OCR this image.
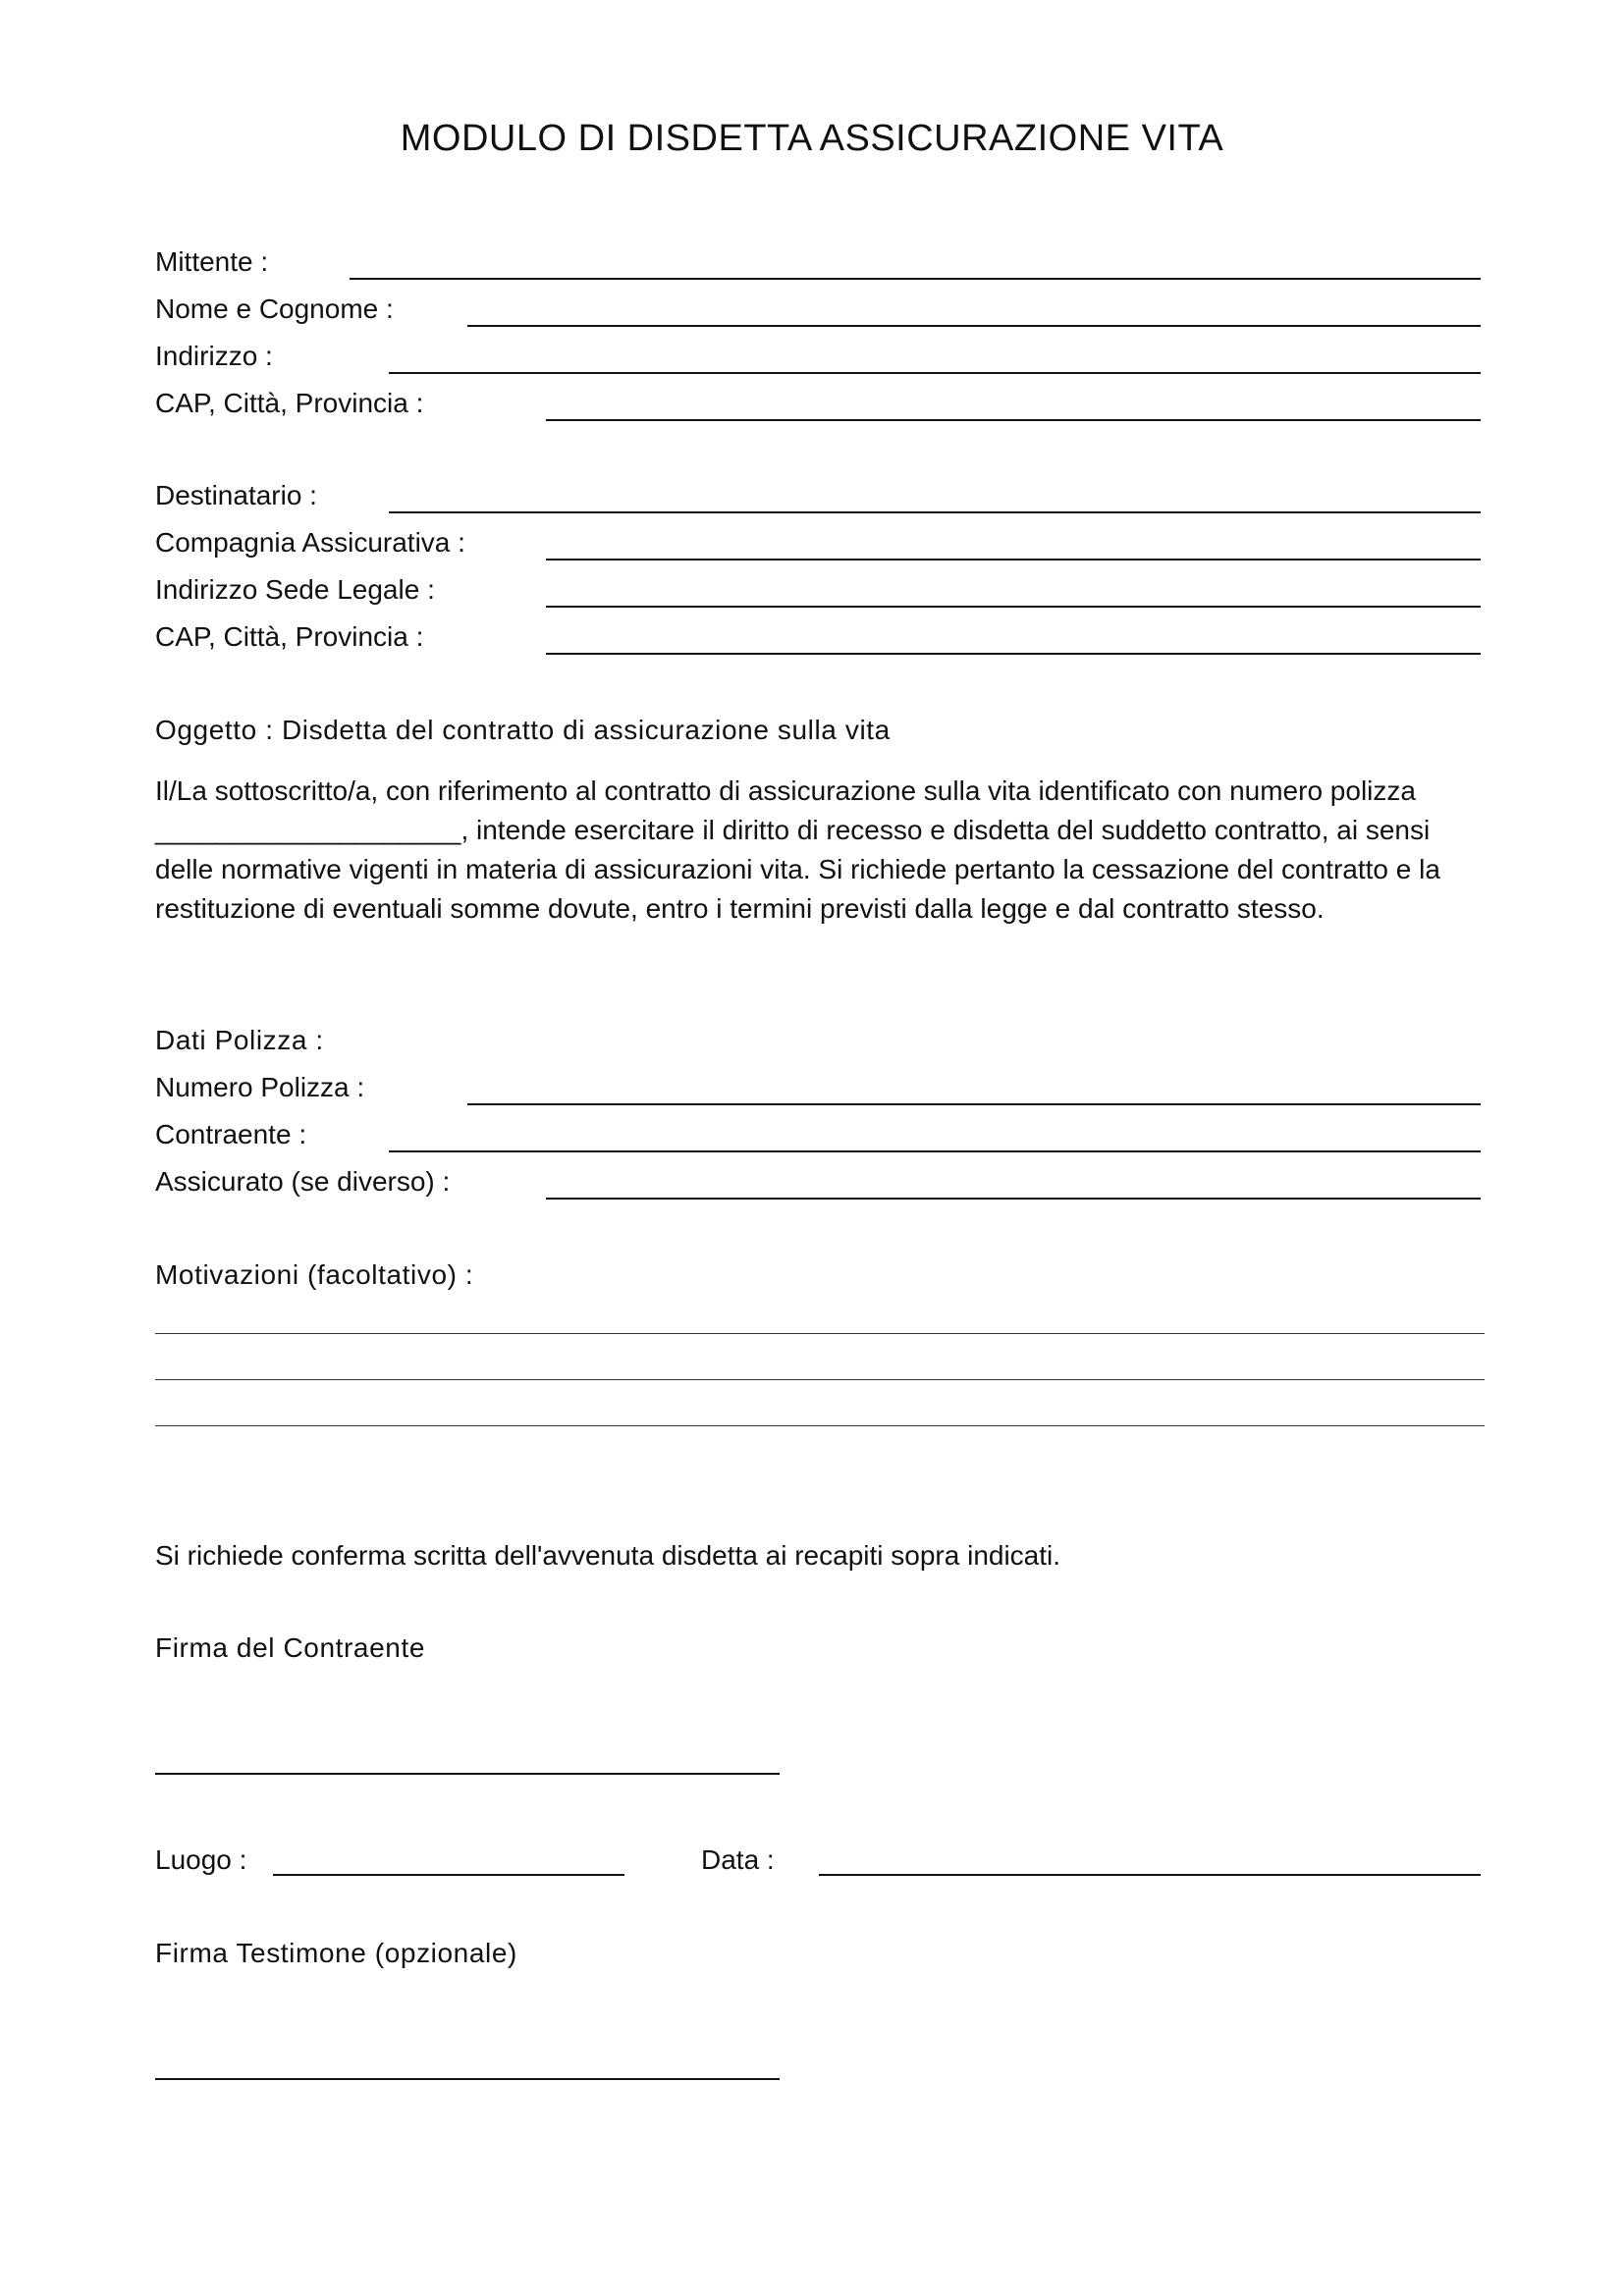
MODULO DI DISDETTA ASSICURAZIONE VITA
Mittente :
Nome e Cognome :
Indirizzo :
CAP, Città, Provincia :
Destinatario :
Compagnia Assicurativa :
Indirizzo Sede Legale :
CAP, Città, Provincia :
Oggetto : Disdetta del contratto di assicurazione sulla vita
Il/La sottoscritto/a, con riferimento al contratto di assicurazione sulla vita identificato con numero polizza
____________________, intende esercitare il diritto di recesso e disdetta del suddetto contratto, ai sensi
delle normative vigenti in materia di assicurazioni vita. Si richiede pertanto la cessazione del contratto e la
restituzione di eventuali somme dovute, entro i termini previsti dalla legge e dal contratto stesso.
Dati Polizza :
Numero Polizza :
Contraente :
Assicurato (se diverso) :
Motivazioni (facoltativo) :
Si richiede conferma scritta dell'avvenuta disdetta ai recapiti sopra indicati.
Firma del Contraente
Luogo :	Data :
Firma Testimone (opzionale)
